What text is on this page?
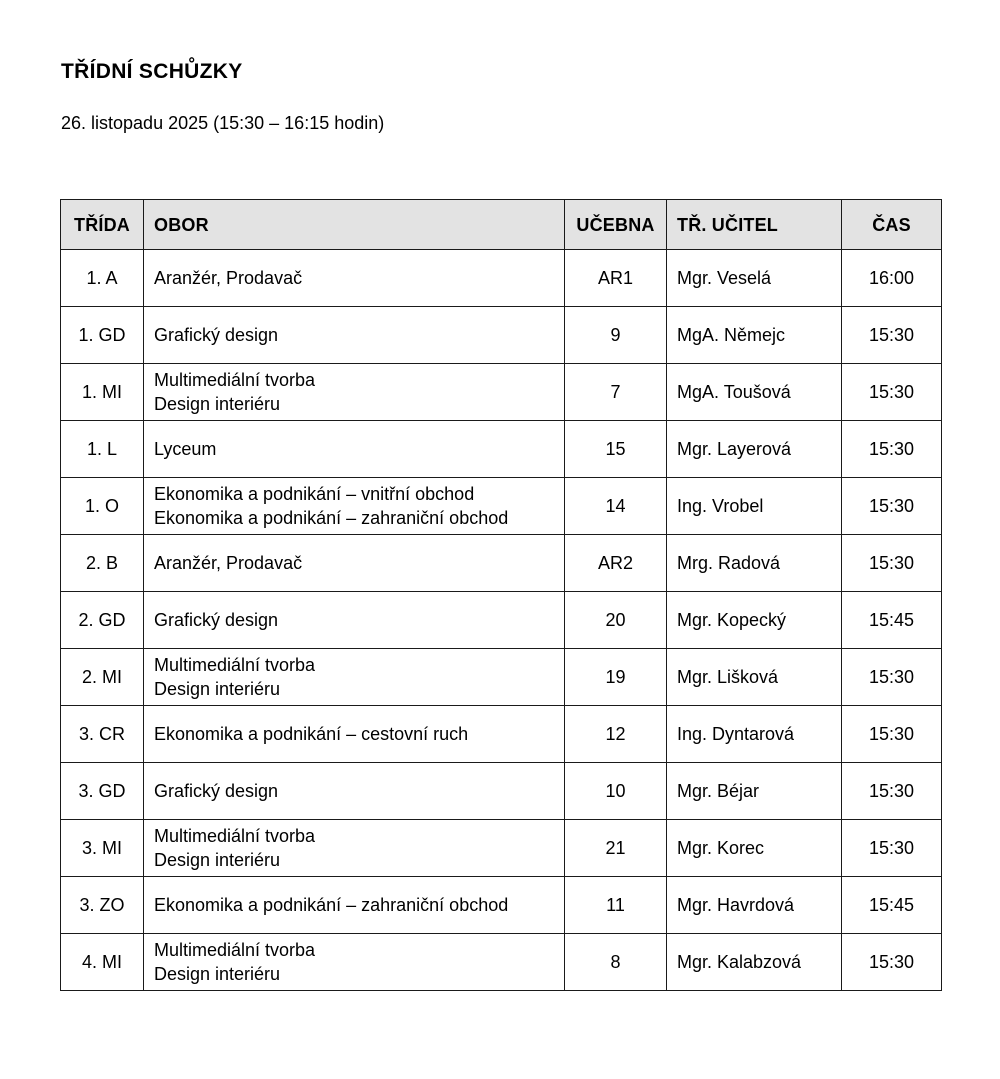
TŘÍDNÍ SCHŮZKY

26. listopadu 2025 (15:30 – 16:15 hodin)

TŘÍDA	OBOR	UČEBNA	TŘ. UČITEL	ČAS
1. A	Aranžér, Prodavač	AR1	Mgr. Veselá	16:00
1. GD	Grafický design	9	MgA. Němejc	15:30
1. MI	Multimediální tvorba
Design interiéru	7	MgA. Toušová	15:30
1. L	Lyceum	15	Mgr. Layerová	15:30
1. O	Ekonomika a podnikání – vnitřní obchod
Ekonomika a podnikání – zahraniční obchod	14	Ing. Vrobel	15:30
2. B	Aranžér, Prodavač	AR2	Mrg. Radová	15:30
2. GD	Grafický design	20	Mgr. Kopecký	15:45
2. MI	Multimediální tvorba
Design interiéru	19	Mgr. Lišková	15:30
3. CR	Ekonomika a podnikání – cestovní ruch	12	Ing. Dyntarová	15:30
3. GD	Grafický design	10	Mgr. Béjar	15:30
3. MI	Multimediální tvorba
Design interiéru	21	Mgr. Korec	15:30
3. ZO	Ekonomika a podnikání – zahraniční obchod	11	Mgr. Havrdová	15:45
4. MI	Multimediální tvorba
Design interiéru	8	Mgr. Kalabzová	15:30
